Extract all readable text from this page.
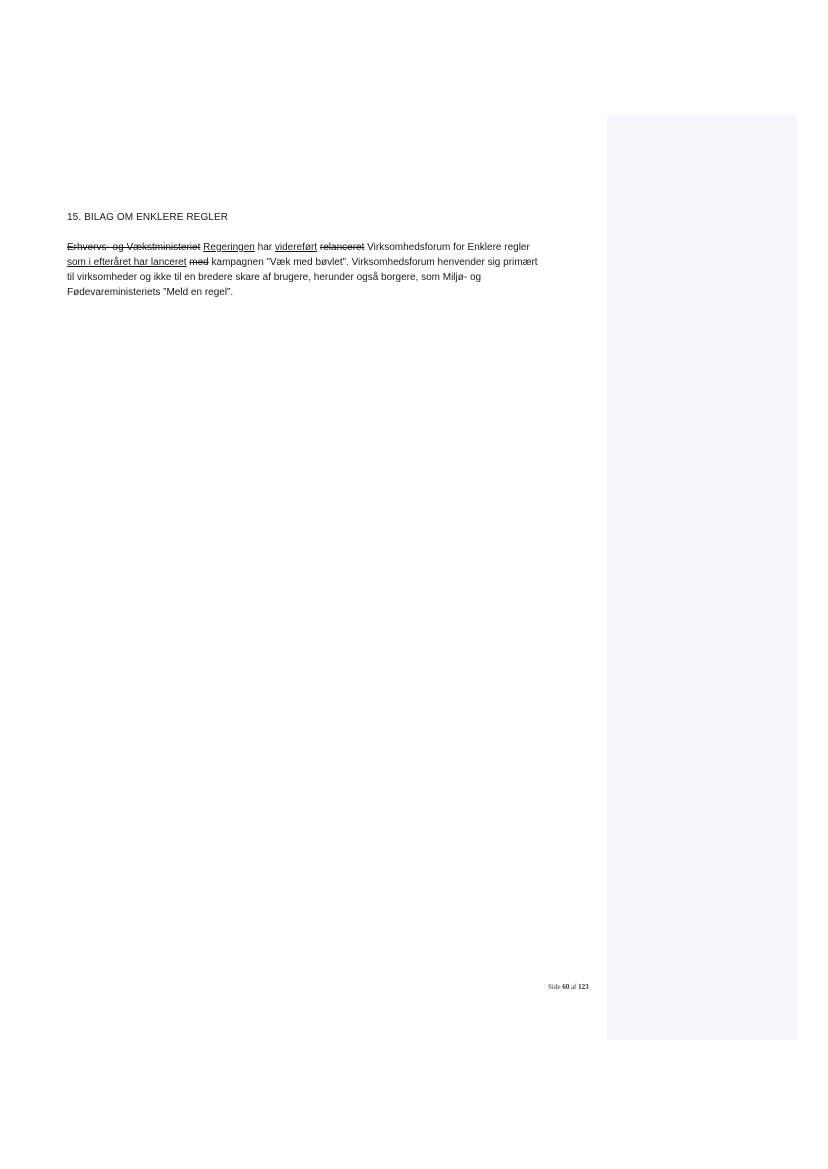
15. BILAG OM ENKLERE REGLER
Erhvervs- og Vækstministeriet Regeringen har videreført relanceret Virksomhedsforum for Enklere regler
som i efteråret har lanceret med kampagnen ”Væk med bøvlet”. Virksomhedsforum henvender sig primært
til virksomheder og ikke til en bredere skare af brugere, herunder også borgere, som Miljø- og
Fødevareministeriets ”Meld en regel”.
Side 60 af 123
